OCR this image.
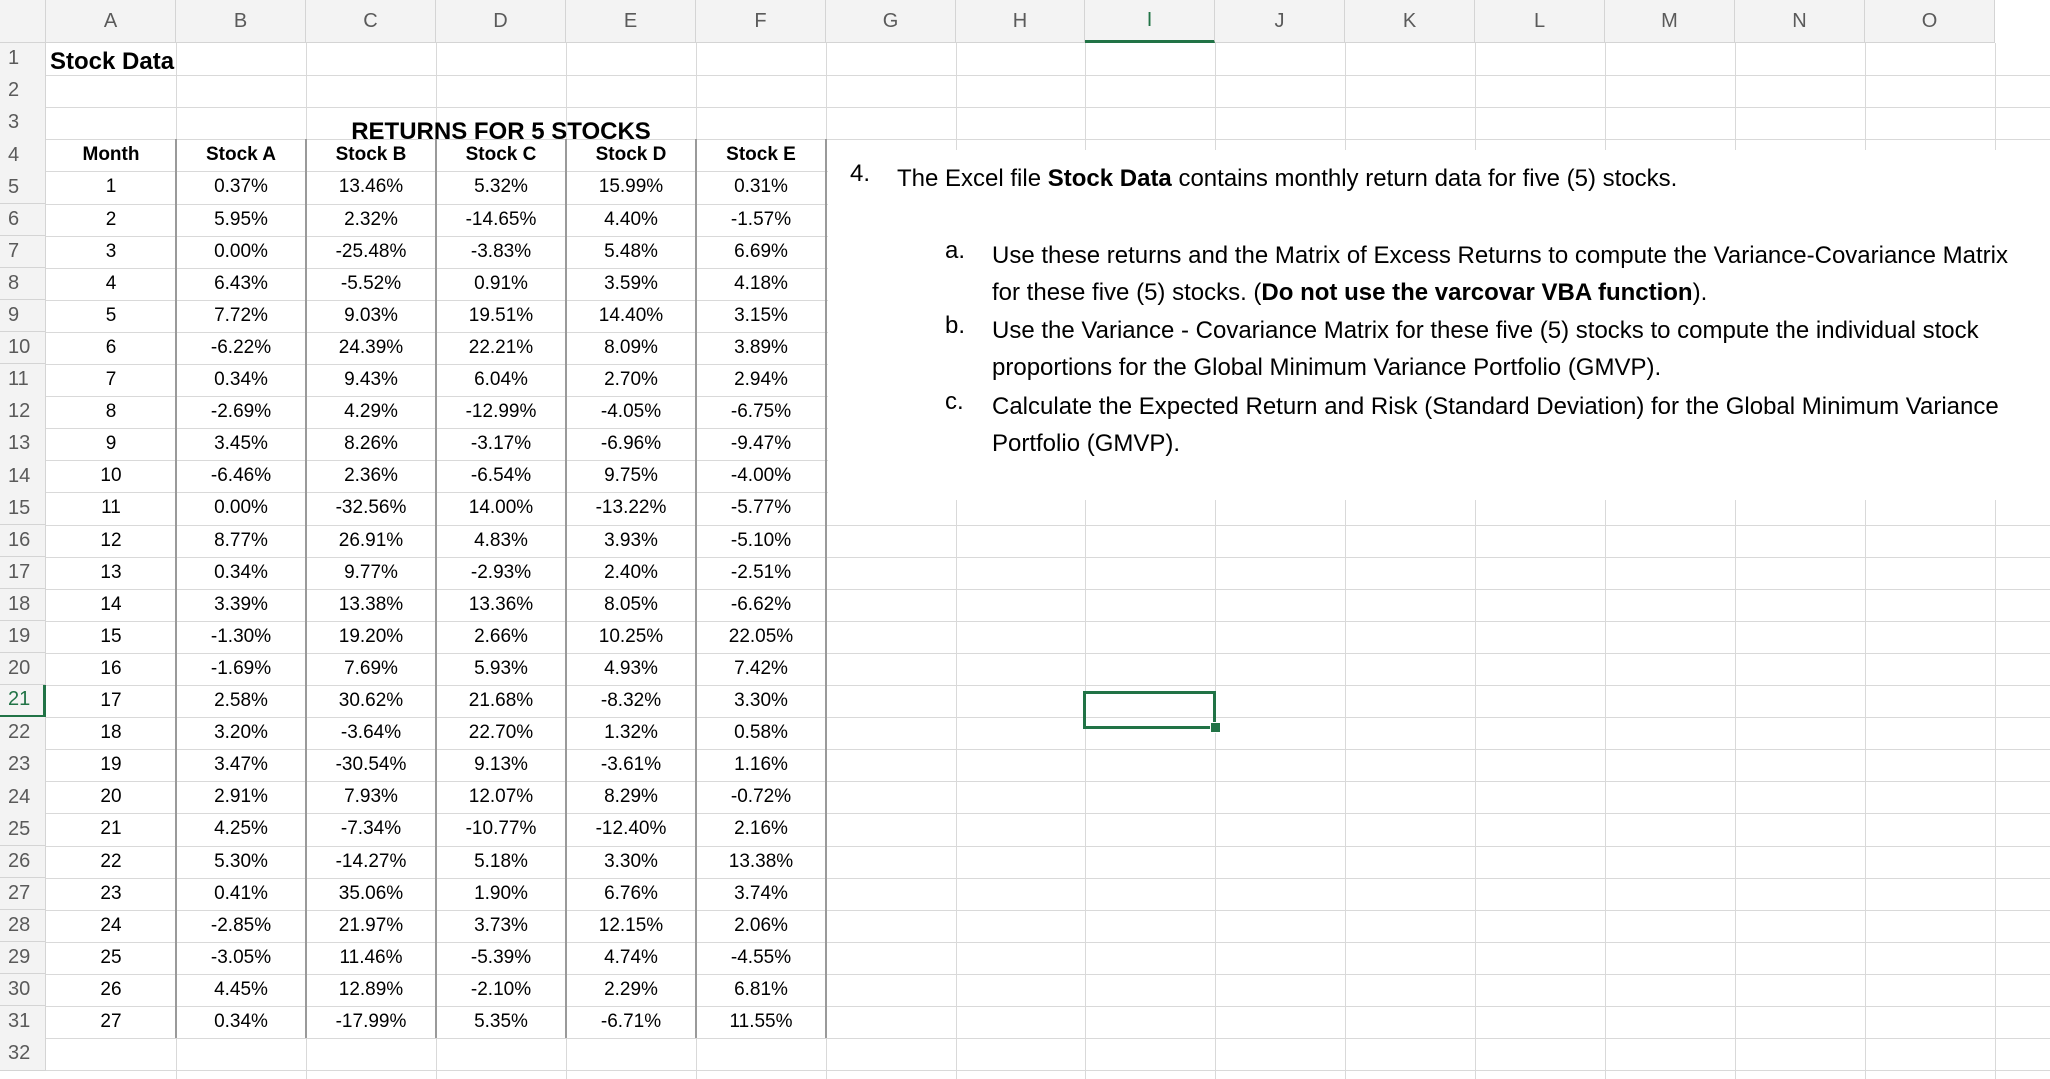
A	B	C	D	E	F	G	H	I	J	K	L	M	N	O
1
2
3
4
5
6
7
8
9
10
11
12
13
14
15
16
17
18
19
20
21
22
23
24
25
26
27
28
29
30
31
32
Month	Stock A	Stock B	Stock C	Stock D	Stock E
1	0.37%	13.46%	5.32%	15.99%	0.31%
2	5.95%	2.32%	-14.65%	4.40%	-1.57%
3	0.00%	-25.48%	-3.83%	5.48%	6.69%
4	6.43%	-5.52%	0.91%	3.59%	4.18%
5	7.72%	9.03%	19.51%	14.40%	3.15%
6	-6.22%	24.39%	22.21%	8.09%	3.89%
7	0.34%	9.43%	6.04%	2.70%	2.94%
8	-2.69%	4.29%	-12.99%	-4.05%	-6.75%
9	3.45%	8.26%	-3.17%	-6.96%	-9.47%
10	-6.46%	2.36%	-6.54%	9.75%	-4.00%
11	0.00%	-32.56%	14.00%	-13.22%	-5.77%
12	8.77%	26.91%	4.83%	3.93%	-5.10%
13	0.34%	9.77%	-2.93%	2.40%	-2.51%
14	3.39%	13.38%	13.36%	8.05%	-6.62%
15	-1.30%	19.20%	2.66%	10.25%	22.05%
16	-1.69%	7.69%	5.93%	4.93%	7.42%
17	2.58%	30.62%	21.68%	-8.32%	3.30%
18	3.20%	-3.64%	22.70%	1.32%	0.58%
19	3.47%	-30.54%	9.13%	-3.61%	1.16%
20	2.91%	7.93%	12.07%	8.29%	-0.72%
21	4.25%	-7.34%	-10.77%	-12.40%	2.16%
22	5.30%	-14.27%	5.18%	3.30%	13.38%
23	0.41%	35.06%	1.90%	6.76%	3.74%
24	-2.85%	21.97%	3.73%	12.15%	2.06%
25	-3.05%	11.46%	-5.39%	4.74%	-4.55%
26	4.45%	12.89%	-2.10%	2.29%	6.81%
27	0.34%	-17.99%	5.35%	-6.71%	11.55%
Stock Data
RETURNS FOR 5 STOCKS
4. The Excel file Stock Data contains monthly return data for five (5) stocks.
a. Use these returns and the Matrix of Excess Returns to compute the Variance-Covariance Matrix for these five (5) stocks. (Do not use the varcovar VBA function).
b. Use the Variance - Covariance Matrix for these five (5) stocks to compute the individual stock proportions for the Global Minimum Variance Portfolio (GMVP).
c. Calculate the Expected Return and Risk (Standard Deviation) for the Global Minimum Variance Portfolio (GMVP).
